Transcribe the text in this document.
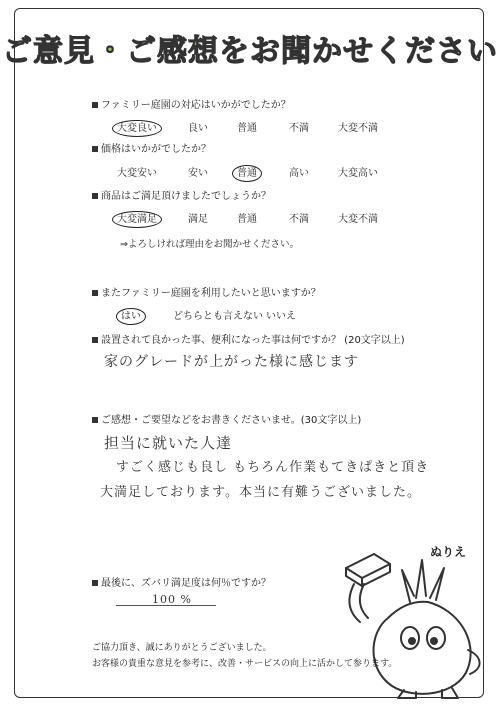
ご意見・ご感想をお聞かせください
ファミリー庭園の対応はいかがでしたか？
大変良い	良い	普通	不満	大変不満
価格はいかがでしたか？
大変安い	安い	普通	高い	大変高い
商品はご満足頂けましたでしょうか？
大変満足	満足	普通	不満	大変不満
⇒よろしければ理由をお聞かせください。
またファミリー庭園を利用したいと思いますか？
はい	どちらとも言えない いいえ
設置されて良かった事、便利になった事は何ですか？ (20文字以上)
家のグレードが上がった様に感じます
ご感想・ご要望などをお書きくださいませ。(30文字以上)
担当に就いた人達
すごく感じも良し もちろん作業もてきぱきと頂き
大満足しております。本当に有難うございました。
最後に、ズバリ満足度は何％ですか？
100 %
ぬりえ
ご協力頂き、誠にありがとうございました。
お客様の貴重な意見を参考に、改善・サービスの向上に活かして参ります。
